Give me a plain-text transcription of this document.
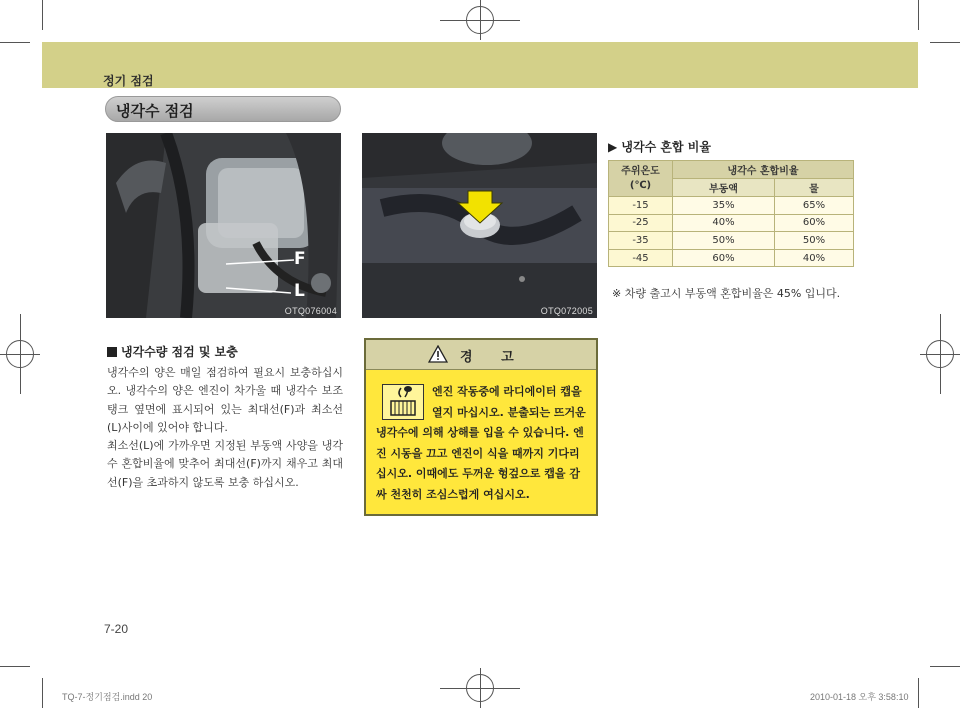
정기 점검
냉각수 점검
F
L
OTQ076004	OTQ072005
냉각수량 점검 및 보충

냉각수의 양은 매일 점검하여 필요시 보충하십시오. 냉각수의 양은 엔진이 차가울 때 냉각수 보조 탱크 옆면에 표시되어 있는 최대선(F)과 최소선(L)사이에 있어야 합니다.

최소선(L)에 가까우면 지정된 부동액 사양을 냉각수 혼합비율에 맞추어 최대선(F)까지 채우고 최대선(F)을 초과하지 않도록 보충 하십시오.

경 고
엔진 작동중에 라디에이터 캡을 열지 마십시오. 분출되는 뜨거운 냉각수에 의해 상해를 입을 수 있습니다. 엔진 시동을 끄고 엔진이 식을 때까지 기다리십시오. 이때에도 두꺼운 헝겊으로 캡을 감싸 천천히 조심스럽게 여십시오.
▶ 냉각수 혼합 비율
주위온도
(℃)	냉각수 혼합비율	
	부동액	물
-15	35%	65%
-25	40%	60%
-35	50%	50%
-45	60%	40%
※ 차량 출고시 부동액 혼합비율은 45% 입니다.
7-20
TQ-7-정기점검.indd 20	2010-01-18 오후 3:58:10
